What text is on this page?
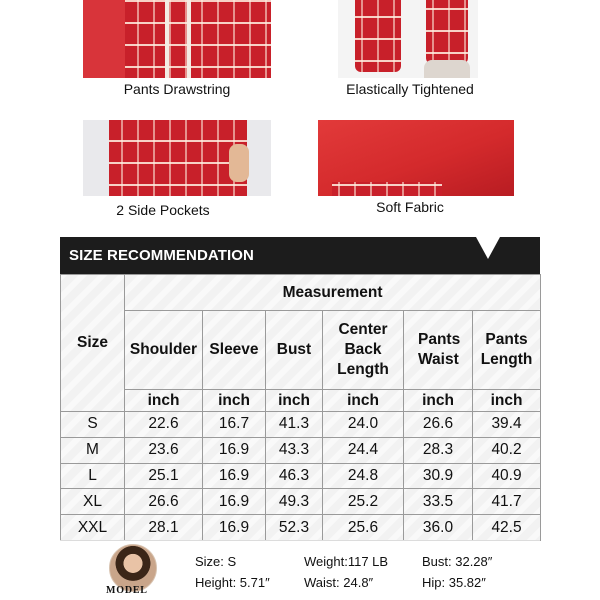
Pants Drawstring	Elastically Tightened
2 Side Pockets	Soft Fabric
SIZE RECOMMENDATION
Size	Measurement					
	Shoulder	Sleeve	Bust	Center Back Length	Pants Waist	Pants Length
	inch	inch	inch	inch	inch	inch
S	22.6	16.7	41.3	24.0	26.6	39.4
M	23.6	16.9	43.3	24.4	28.3	40.2
L	25.1	16.9	46.3	24.8	30.9	40.9
XL	26.6	16.9	49.3	25.2	33.5	41.7
XXL	28.1	16.9	52.3	25.6	36.0	42.5
MODEL
Size: S
Height: 5.71″
Weight:117 LB
Waist: 24.8″
Bust: 32.28″
Hip: 35.82″
